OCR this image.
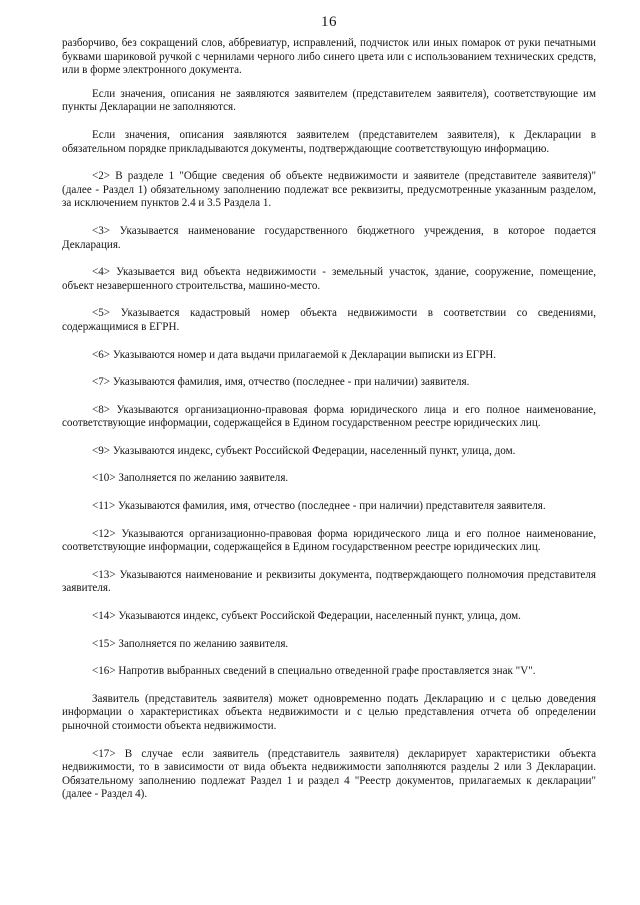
16

разборчиво, без сокращений слов, аббревиатур, исправлений, подчисток или иных помарок от руки печатными буквами шариковой ручкой с чернилами черного либо синего цвета или с использованием технических средств, или в форме электронного документа.

Если значения, описания не заявляются заявителем (представителем заявителя), соответствующие им пункты Декларации не заполняются.

Если значения, описания заявляются заявителем (представителем заявителя), к Декларации в обязательном порядке прикладываются документы, подтверждающие соответствующую информацию.

<2> В разделе 1 "Общие сведения об объекте недвижимости и заявителе (представителе заявителя)" (далее - Раздел 1) обязательному заполнению подлежат все реквизиты, предусмотренные указанным разделом, за исключением пунктов 2.4 и 3.5 Раздела 1.

<3> Указывается наименование государственного бюджетного учреждения, в которое подается Декларация.

<4> Указывается вид объекта недвижимости - земельный участок, здание, сооружение, помещение, объект незавершенного строительства, машино-место.

<5> Указывается кадастровый номер объекта недвижимости в соответствии со сведениями, содержащимися в ЕГРН.

<6> Указываются номер и дата выдачи прилагаемой к Декларации выписки из ЕГРН.

<7> Указываются фамилия, имя, отчество (последнее - при наличии) заявителя.

<8> Указываются организационно-правовая форма юридического лица и его полное наименование, соответствующие информации, содержащейся в Едином государственном реестре юридических лиц.

<9> Указываются индекс, субъект Российской Федерации, населенный пункт, улица, дом.

<10> Заполняется по желанию заявителя.

<11> Указываются фамилия, имя, отчество (последнее - при наличии) представителя заявителя.

<12> Указываются организационно-правовая форма юридического лица и его полное наименование, соответствующие информации, содержащейся в Едином государственном реестре юридических лиц.

<13> Указываются наименование и реквизиты документа, подтверждающего полномочия представителя заявителя.

<14> Указываются индекс, субъект Российской Федерации, населенный пункт, улица, дом.

<15> Заполняется по желанию заявителя.

<16> Напротив выбранных сведений в специально отведенной графе проставляется знак "V".

Заявитель (представитель заявителя) может одновременно подать Декларацию и с целью доведения информации о характеристиках объекта недвижимости и с целью представления отчета об определении рыночной стоимости объекта недвижимости.

<17> В случае если заявитель (представитель заявителя) декларирует характеристики объекта недвижимости, то в зависимости от вида объекта недвижимости заполняются разделы 2 или 3 Декларации. Обязательному заполнению подлежат Раздел 1 и раздел 4 "Реестр документов, прилагаемых к декларации" (далее - Раздел 4).
